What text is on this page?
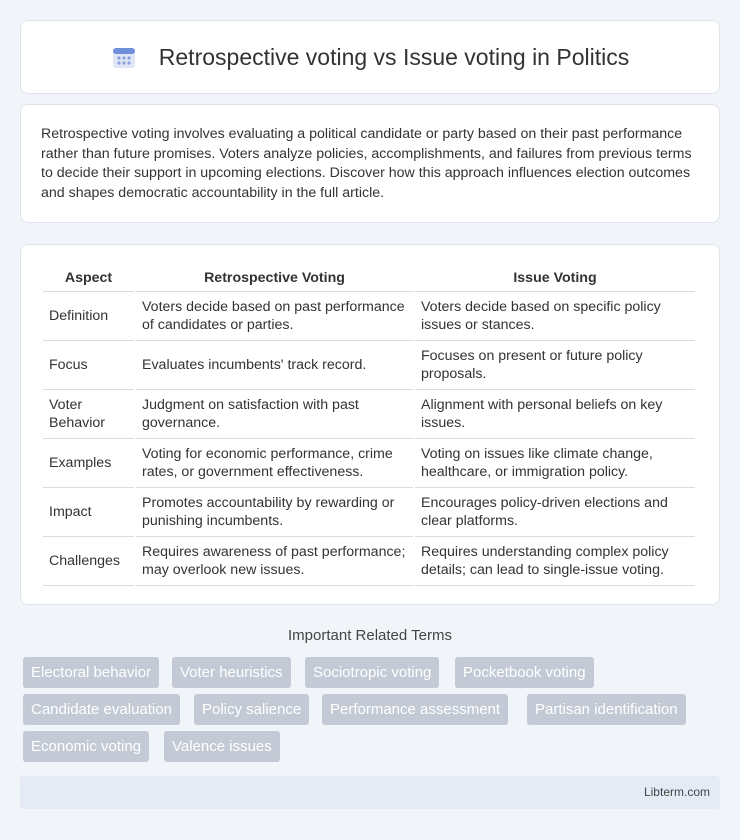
Retrospective voting vs Issue voting in Politics

Retrospective voting involves evaluating a political candidate or party based on their past performance rather than future promises. Voters analyze policies, accomplishments, and failures from previous terms to decide their support in upcoming elections. Discover how this approach influences election outcomes and shapes democratic accountability in the full article.

Aspect	Retrospective Voting	Issue Voting
Definition	Voters decide based on past performance of candidates or parties.	Voters decide based on specific policy issues or stances.
Focus	Evaluates incumbents' track record.	Focuses on present or future policy proposals.
Voter Behavior	Judgment on satisfaction with past governance.	Alignment with personal beliefs on key issues.
Examples	Voting for economic performance, crime rates, or government effectiveness.	Voting on issues like climate change, healthcare, or immigration policy.
Impact	Promotes accountability by rewarding or punishing incumbents.	Encourages policy-driven elections and clear platforms.
Challenges	Requires awareness of past performance; may overlook new issues.	Requires understanding complex policy details; can lead to single-issue voting.
Important Related Terms
Electoral behavior	Voter heuristics	Sociotropic voting	Pocketbook voting
Candidate evaluation	Policy salience	Performance assessment	Partisan identification
Economic voting	Valence issues
Libterm.com
